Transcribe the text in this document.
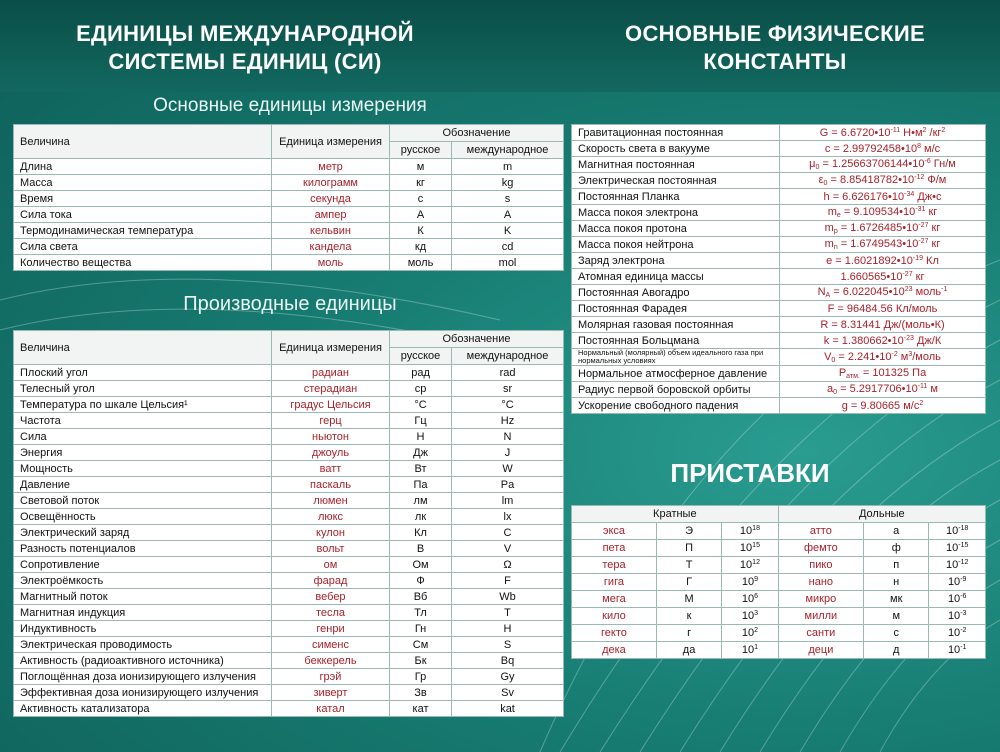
ЕДИНИЦЫ МЕЖДУНАРОДНОЙ
СИСТЕМЫ ЕДИНИЦ (СИ)
ОСНОВНЫЕ ФИЗИЧЕСКИЕ
КОНСТАНТЫ
Основные единицы измерения
Величина	Единица измерения	Обозначение	
		русское	международное
Длина	метр	м	m
Масса	килограмм	кг	kg
Время	секунда	с	s
Сила тока	ампер	А	A
Термодинамическая температура	кельвин	К	K
Сила света	кандела	кд	cd
Количество вещества	моль	моль	mol
Производные единицы
Величина	Единица измерения	Обозначение	
		русское	международное
Плоский угол	радиан	рад	rad
Телесный угол	стерадиан	ср	sr
Температура по шкале Цельсия¹	градус Цельсия	°С	°С
Частота	герц	Гц	Hz
Сила	ньютон	Н	N
Энергия	джоуль	Дж	J
Мощность	ватт	Вт	W
Давление	паскаль	Па	Pa
Световой поток	люмен	лм	lm
Освещённость	люкс	лк	lx
Электрический заряд	кулон	Кл	C
Разность потенциалов	вольт	В	V
Сопротивление	ом	Ом	Ω
Электроёмкость	фарад	Ф	F
Магнитный поток	вебер	Вб	Wb
Магнитная индукция	тесла	Тл	T
Индуктивность	генри	Гн	H
Электрическая проводимость	сименс	См	S
Активность (радиоактивного источника)	беккерель	Бк	Bq
Поглощённая доза ионизирующего излучения	грэй	Гр	Gy
Эффективная доза ионизирующего излучения	зиверт	Зв	Sv
Активность катализатора	катал	кат	kat
Гравитационная постоянная	$G = 6.6720•10^{-11}$ $Н•м^2$ $/кг^2$
Скорость света в вакууме	$с = 2.99792458•10^8$ м/с
Магнитная постоянная	$\mu_0$ = $1.25663706144•10^{-6}$ Гн/м
Электрическая постоянная	$\varepsilon_0$ = $8.85418782•10^{-12}$ Ф/м
Постоянная Планка	$h = 6.626176•10^{-34}$ Дж•с
Масса покоя электрона	$m_e$ = $9.109534•10^{-31}$ кг
Масса покоя протона	$m_p$ = $1.6726485•10^{-27}$ кг
Масса покоя нейтрона	$m_n$ = $1.6749543•10^{-27}$ кг
Заряд электрона	$e = 1.6021892•10^{-19}$ Кл
Атомная единица массы	$1.660565•10^{-27}$ кг
Постоянная Авогадро	$N_A$ = $6.022045•10^{23}$ моль$^{-1}$
Постоянная Фарадея	F = 96484.56 Кл/моль
Молярная газовая постоянная	R = 8.31441 Дж/(моль•К)
Постоянная Больцмана	$k = 1.380662•10^{-23}$ Дж/К
Нормальный (молярный) объем идеального газа при нормальных условиях	$V_0$ = $2.241•10^{-2}$ $м^3$/моль
Нормальное атмосферное давление	$P_{атм.} = 101325$ Па
Радиус первой боровской орбиты	$a_0$ = $5.2917706•10^{-11}$ м
Ускорение свободного падения	g = 9.80665 $м/с^2$
ПРИСТАВКИ
Кратные			Дольные		
экса	Э	$10^{18}$	атто	а	$10^{-18}$
пета	П	$10^{15}$	фемто	ф	$10^{-15}$
тера	Т	$10^{12}$	пико	п	$10^{-12}$
гига	Г	$10^9$	нано	н	$10^{-9}$
мега	М	$10^6$	микро	мк	$10^{-6}$
кило	к	$10^3$	милли	м	$10^{-3}$
гекто	г	$10^2$	санти	с	$10^{-2}$
дека	да	$10^1$	деци	д	$10^{-1}$
